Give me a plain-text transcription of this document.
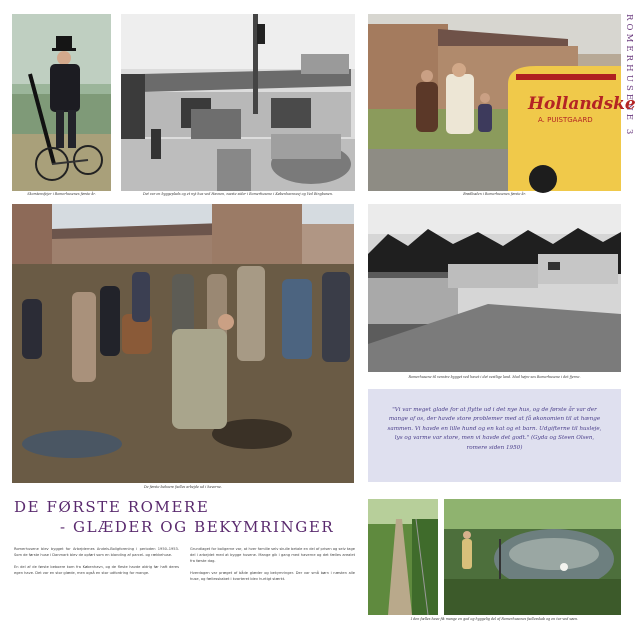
ROMERHUSENE 3
Skorstensfejer i Romerhusenes første år.	Det var en byggeplads og et nyt hus ved Havnen, næste sider i Romerhusene i Københavnsvej og Ved Ringbanen.
Hollandske
A. PUISTGAARD
Brødbuden i Romerhusenes første år.
De første beboere fælles arbejde ud i haverne.
Romerhusene til venstre bygget ved havet i det vestlige land. Mod højre ses Romerhusene i det fjerne.
"Vi var meget glade for at flytte ud i det nye hus, og de første år var der mange af os, der havde store problemer med at få økonomien til at hænge sammen. Vi havde en lille hund og en kat og et barn. Udgifterne til husleje, lys og varme var store, men vi havde det godt." (Gyda og Steen Olsen, romere siden 1950)
DE FØRSTE ROMERE
- GLÆDER OG BEKYMRINGER

Romerhusene blev bygget for Arbejdernes Andels-Boligforening i perioden 1950–1953. Som de første huse i Danmark blev de opført som en blanding af parcel- og rækkehuse.

En del af de første beboere kom fra København, og de fleste havde aldrig før haft deres egen have. Det var en stor glæde, men også en stor udfordring for mange.

Grundlaget for boligerne var, at hver familie selv skulle betale en del af prisen og selv tage del i arbejdet med at bygge husene. Mange gik i gang med haverne og det fælles arealet fra første dag.

Hverdagen var præget af både glæder og bekymringer. Der var små børn i næsten alle huse, og fællesskabet i kvarteret blev hurtigt stærkt.

I den fælles have fik mange en god og hyggelig del af Romerhusenes fællesskab og en tur ved søen.
